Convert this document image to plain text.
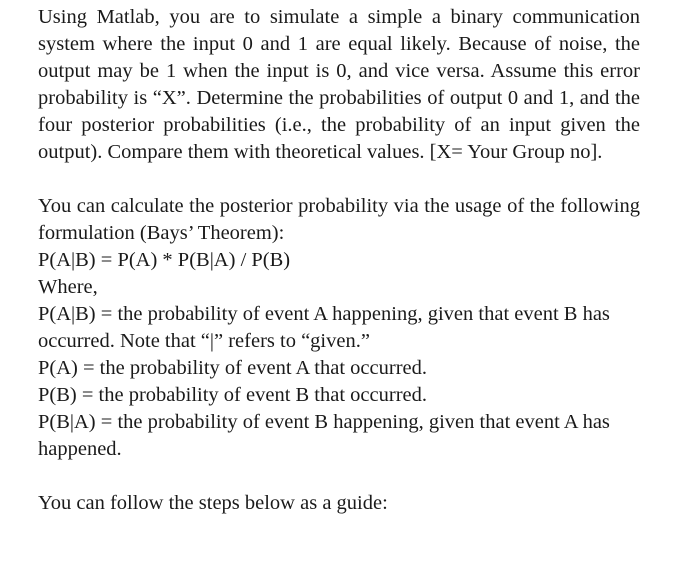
Using Matlab, you are to simulate a simple a binary communication system where the input 0 and 1 are equal likely. Because of noise, the output may be 1 when the input is 0, and vice versa. Assume this error probability is “X”. Determine the probabilities of output 0 and 1, and the four posterior probabilities (i.e., the probability of an input given the output). Compare them with theoretical values. [X= Your Group no].

You can calculate the posterior probability via the usage of the following formulation (Bays’ Theorem):

P(A|B) = P(A) * P(B|A) / P(B)
Where,

P(A|B) = the probability of event A happening, given that event B has occurred. Note that “|” refers to “given.”

P(A) = the probability of event A that occurred.
P(B) = the probability of event B that occurred.

P(B|A) = the probability of event B happening, given that event A has happened.

You can follow the steps below as a guide:
